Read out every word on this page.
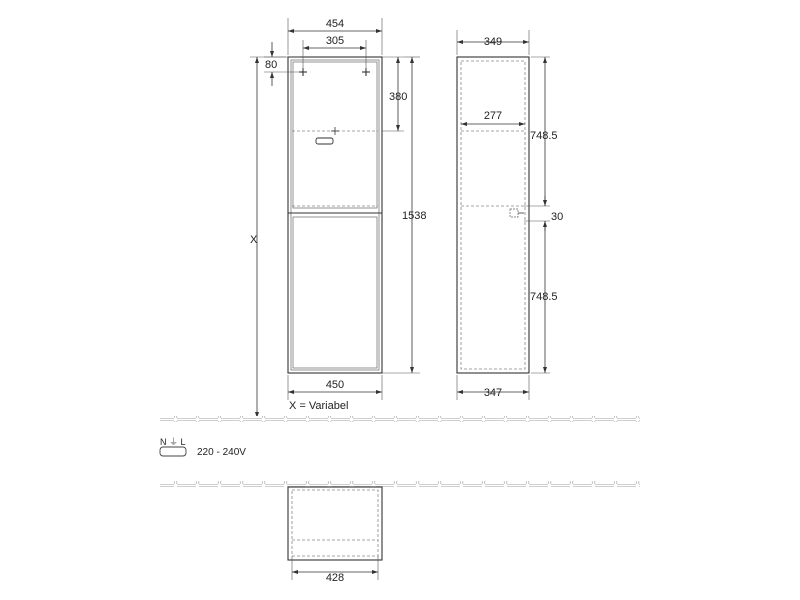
454
305
80
380
1538
450
X = Variabel
X
349
277
748.5
30
748.5
347
N ⏚ L
220 - 240V
428
